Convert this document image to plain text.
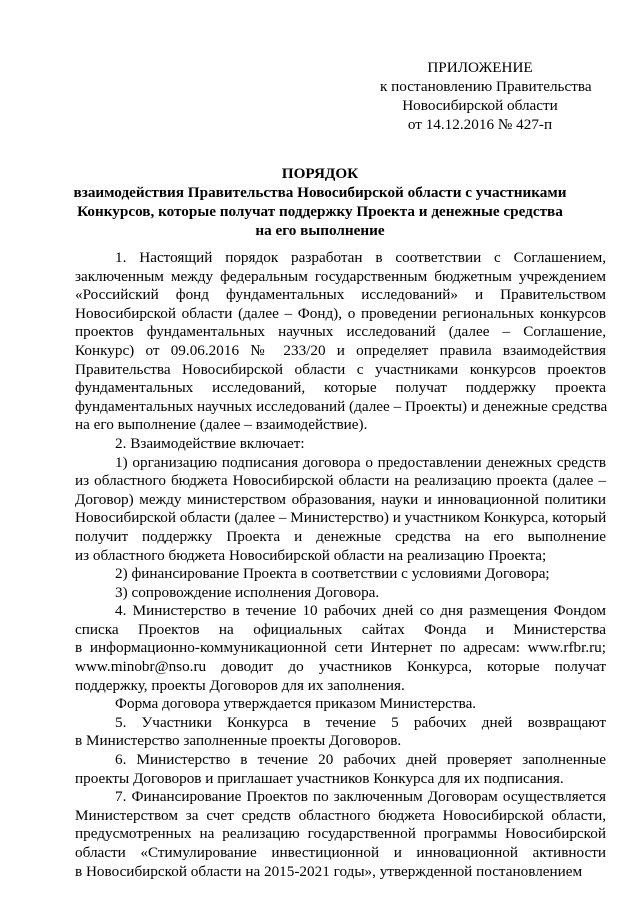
ПРИЛОЖЕНИЕ
к постановлению Правительства
Новосибирской области
от 14.12.2016 № 427-п
ПОРЯДОК
взаимодействия Правительства Новосибирской области с участниками
Конкурсов, которые получат поддержку Проекта и денежные средства
на его выполнение

1. Настоящий порядок разработан в соответствии с Соглашением,
заключенным между федеральным государственным бюджетным учреждением
«Российский фонд фундаментальных исследований» и Правительством
Новосибирской области (далее – Фонд), о проведении региональных конкурсов
проектов фундаментальных научных исследований (далее – Соглашение,
Конкурс) от 09.06.2016 № 233/20 и определяет правила взаимодействия
Правительства Новосибирской области с участниками конкурсов проектов
фундаментальных исследований, которые получат поддержку проекта
фундаментальных научных исследований (далее – Проекты) и денежные средства
на его выполнение (далее – взаимодействие).

2. Взаимодействие включает:

1) организацию подписания договора о предоставлении денежных средств
из областного бюджета Новосибирской области на реализацию проекта (далее –
Договор) между министерством образования, науки и инновационной политики
Новосибирской области (далее – Министерство) и участником Конкурса, который
получит поддержку Проекта и денежные средства на его выполнение
из областного бюджета Новосибирской области на реализацию Проекта;

2) финансирование Проекта в соответствии с условиями Договора;

3) сопровождение исполнения Договора.

4. Министерство в течение 10 рабочих дней со дня размещения Фондом
списка Проектов на официальных сайтах Фонда и Министерства
в информационно-коммуникационной сети Интернет по адресам: www.rfbr.ru;
www.minobr@nso.ru доводит до участников Конкурса, которые получат
поддержку, проекты Договоров для их заполнения.

Форма договора утверждается приказом Министерства.

5. Участники Конкурса в течение 5 рабочих дней возвращают
в Министерство заполненные проекты Договоров.

6. Министерство в течение 20 рабочих дней проверяет заполненные
проекты Договоров и приглашает участников Конкурса для их подписания.

7. Финансирование Проектов по заключенным Договорам осуществляется
Министерством за счет средств областного бюджета Новосибирской области,
предусмотренных на реализацию государственной программы Новосибирской
области «Стимулирование инвестиционной и инновационной активности
в Новосибирской области на 2015-2021 годы», утвержденной постановлением
